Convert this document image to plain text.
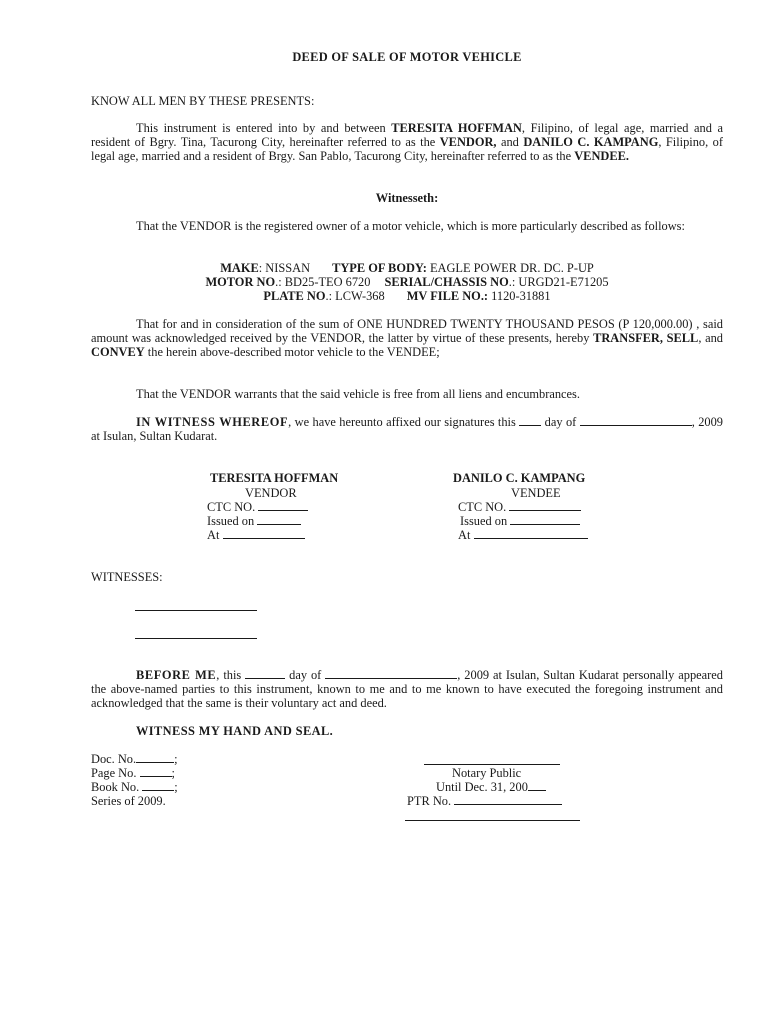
DEED OF SALE OF MOTOR VEHICLE
KNOW ALL MEN BY THESE PRESENTS:
This instrument is entered into by and between TERESITA HOFFMAN, Filipino, of legal age, married and a resident of Bgry. Tina, Tacurong City, hereinafter referred to as the VENDOR, and DANILO C. KAMPANG, Filipino, of legal age, married and a resident of Brgy. San Pablo, Tacurong City, hereinafter referred to as the VENDEE.
Witnesseth:
That the VENDOR is the registered owner of a motor vehicle, which is more particularly described as follows:
MAKE: NISSAN TYPE OF BODY: EAGLE POWER DR. DC. P-UP
MOTOR NO.: BD25-TEO 6720 SERIAL/CHASSIS NO.: URGD21-E71205
PLATE NO.: LCW-368 MV FILE NO.: 1120-31881
That for and in consideration of the sum of ONE HUNDRED TWENTY THOUSAND PESOS (P 120,000.00) , said amount was acknowledged received by the VENDOR, the latter by virtue of these presents, hereby TRANSFER, SELL, and CONVEY the herein above-described motor vehicle to the VENDEE;
That the VENDOR warrants that the said vehicle is free from all liens and encumbrances.
IN WITNESS WHEREOF, we have hereunto affixed our signatures this  day of	, 2009 at Isulan, Sultan Kudarat.
TERESITA HOFFMAN
VENDOR
CTC NO.
Issued on
At
DANILO C. KAMPANG
VENDEE
CTC NO.
Issued on
At
WITNESSES:
BEFORE ME, this	day of	, 2009 at Isulan, Sultan Kudarat personally appeared the above-named parties to this instrument, known to me and to me known to have executed the foregoing instrument and acknowledged that the same is their voluntary act and deed.
WITNESS MY HAND AND SEAL.
Doc. No.	;
Page No.	;
Book No.	;
Series of 2009.
Notary Public
Until Dec. 31, 200
PTR No.
